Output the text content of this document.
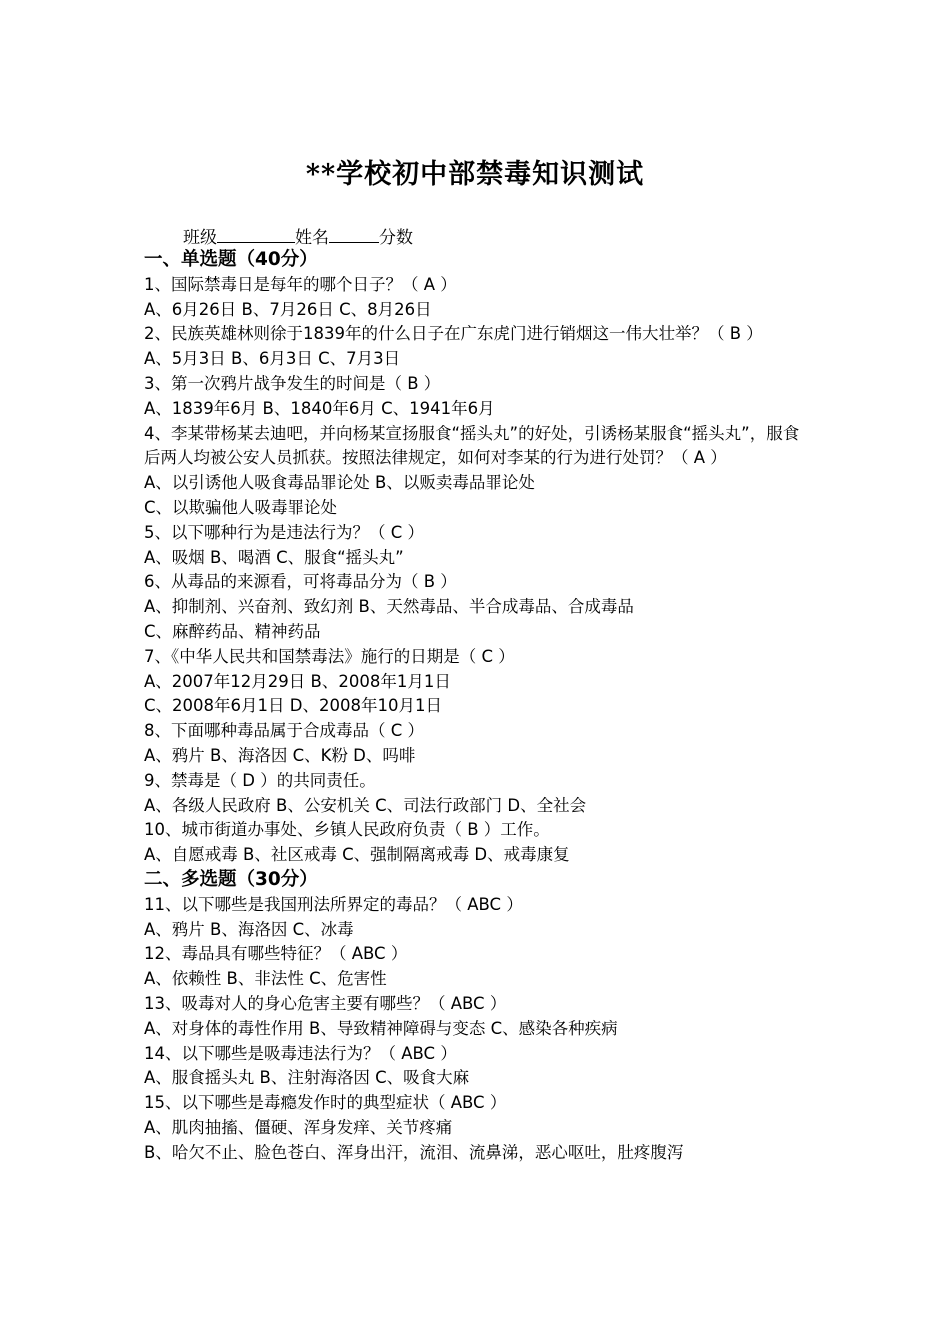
**学校初中部禁毒知识测试
班级	姓名	分数
一、单选题（40分）
1、国际禁毒日是每年的哪个日子？（ A ）
A、6月26日 B、7月26日 C、8月26日
2、民族英雄林则徐于1839年的什么日子在广东虎门进行销烟这一伟大壮举？（ B ）
A、5月3日 B、6月3日 C、7月3日
3、第一次鸦片战争发生的时间是（ B ）
A、1839年6月 B、1840年6月 C、1941年6月
4、李某带杨某去迪吧，并向杨某宣扬服食“摇头丸”的好处，引诱杨某服食“摇头丸”，服食后两人均被公安人员抓获。按照法律规定，如何对李某的行为进行处罚？（ A ）
A、以引诱他人吸食毒品罪论处 B、以贩卖毒品罪论处
C、以欺骗他人吸毒罪论处
5、以下哪种行为是违法行为？（ C ）
A、吸烟 B、喝酒 C、服食“摇头丸”
6、从毒品的来源看，可将毒品分为（ B ）
A、抑制剂、兴奋剂、致幻剂 B、天然毒品、半合成毒品、合成毒品
C、麻醉药品、精神药品
7、《中华人民共和国禁毒法》施行的日期是（ C ）
A、2007年12月29日 B、2008年1月1日
C、2008年6月1日 D、2008年10月1日
8、下面哪种毒品属于合成毒品（ C ）
A、鸦片 B、海洛因 C、K粉 D、吗啡
9、禁毒是（ D ）的共同责任。
A、各级人民政府 B、公安机关 C、司法行政部门 D、全社会
10、城市街道办事处、乡镇人民政府负责（ B ）工作。
A、自愿戒毒 B、社区戒毒 C、强制隔离戒毒 D、戒毒康复
二、多选题（30分）
11、以下哪些是我国刑法所界定的毒品？（ ABC ）
A、鸦片 B、海洛因 C、冰毒
12、毒品具有哪些特征？（ ABC ）
A、依赖性 B、非法性 C、危害性
13、吸毒对人的身心危害主要有哪些？（ ABC ）
A、对身体的毒性作用 B、导致精神障碍与变态 C、感染各种疾病
14、以下哪些是吸毒违法行为？（ ABC ）
A、服食摇头丸 B、注射海洛因 C、吸食大麻
15、以下哪些是毒瘾发作时的典型症状（ ABC ）
A、肌肉抽搐、僵硬、浑身发痒、关节疼痛
B、哈欠不止、脸色苍白、浑身出汗，流泪、流鼻涕，恶心呕吐，肚疼腹泻
